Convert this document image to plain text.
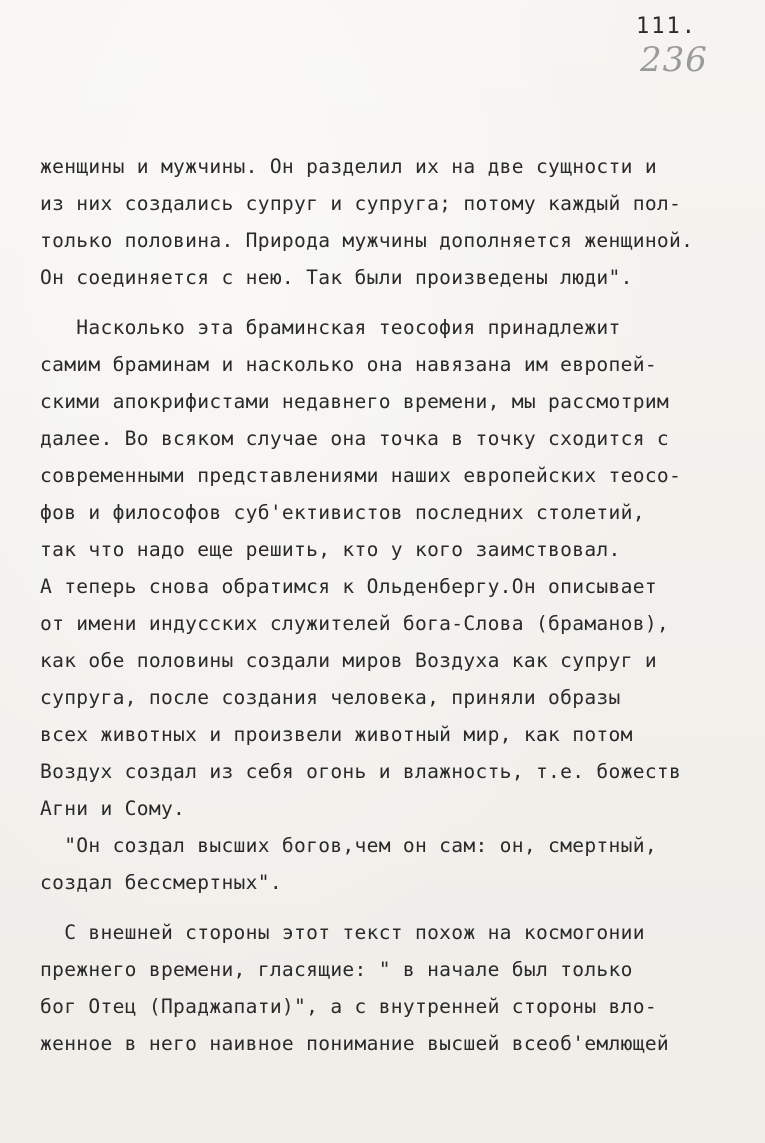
111.
236
женщины и мужчины. Он разделил их на две сущности и
из них создались супруг и супруга; потому каждый пол-
только половина. Природа мужчины дополняется женщиной.
Он соединяется с нею. Так были произведены люди".
Насколько эта браминская теософия принадлежит
самим браминам и насколько она навязана им европей-
скими апокрифистами недавнего времени, мы рассмотрим
далее. Во всяком случае она точка в точку сходится с
современными представлениями наших европейских теосо-
фов и философов суб'ективистов последних столетий,
так что надо еще решить, кто у кого заимствовал.
А теперь снова обратимся к Ольденбергу.Он описывает
от имени индусских служителей бога-Слова (браманов),
как обе половины создали миров Воздуха как супруг и
супруга, после создания человека, приняли образы
всех животных и произвели животный мир, как потом
Воздух создал из себя огонь и влажность, т.е. божеств
Агни и Сому.
"Он создал высших богов,чем он сам: он, смертный,
создал бессмертных".
С внешней стороны этот текст похож на космогонии
прежнего времени, гласящие: " в начале был только
бог Отец (Праджапати)", а с внутренней стороны вло-
женное в него наивное понимание высшей всеоб'емлющей
